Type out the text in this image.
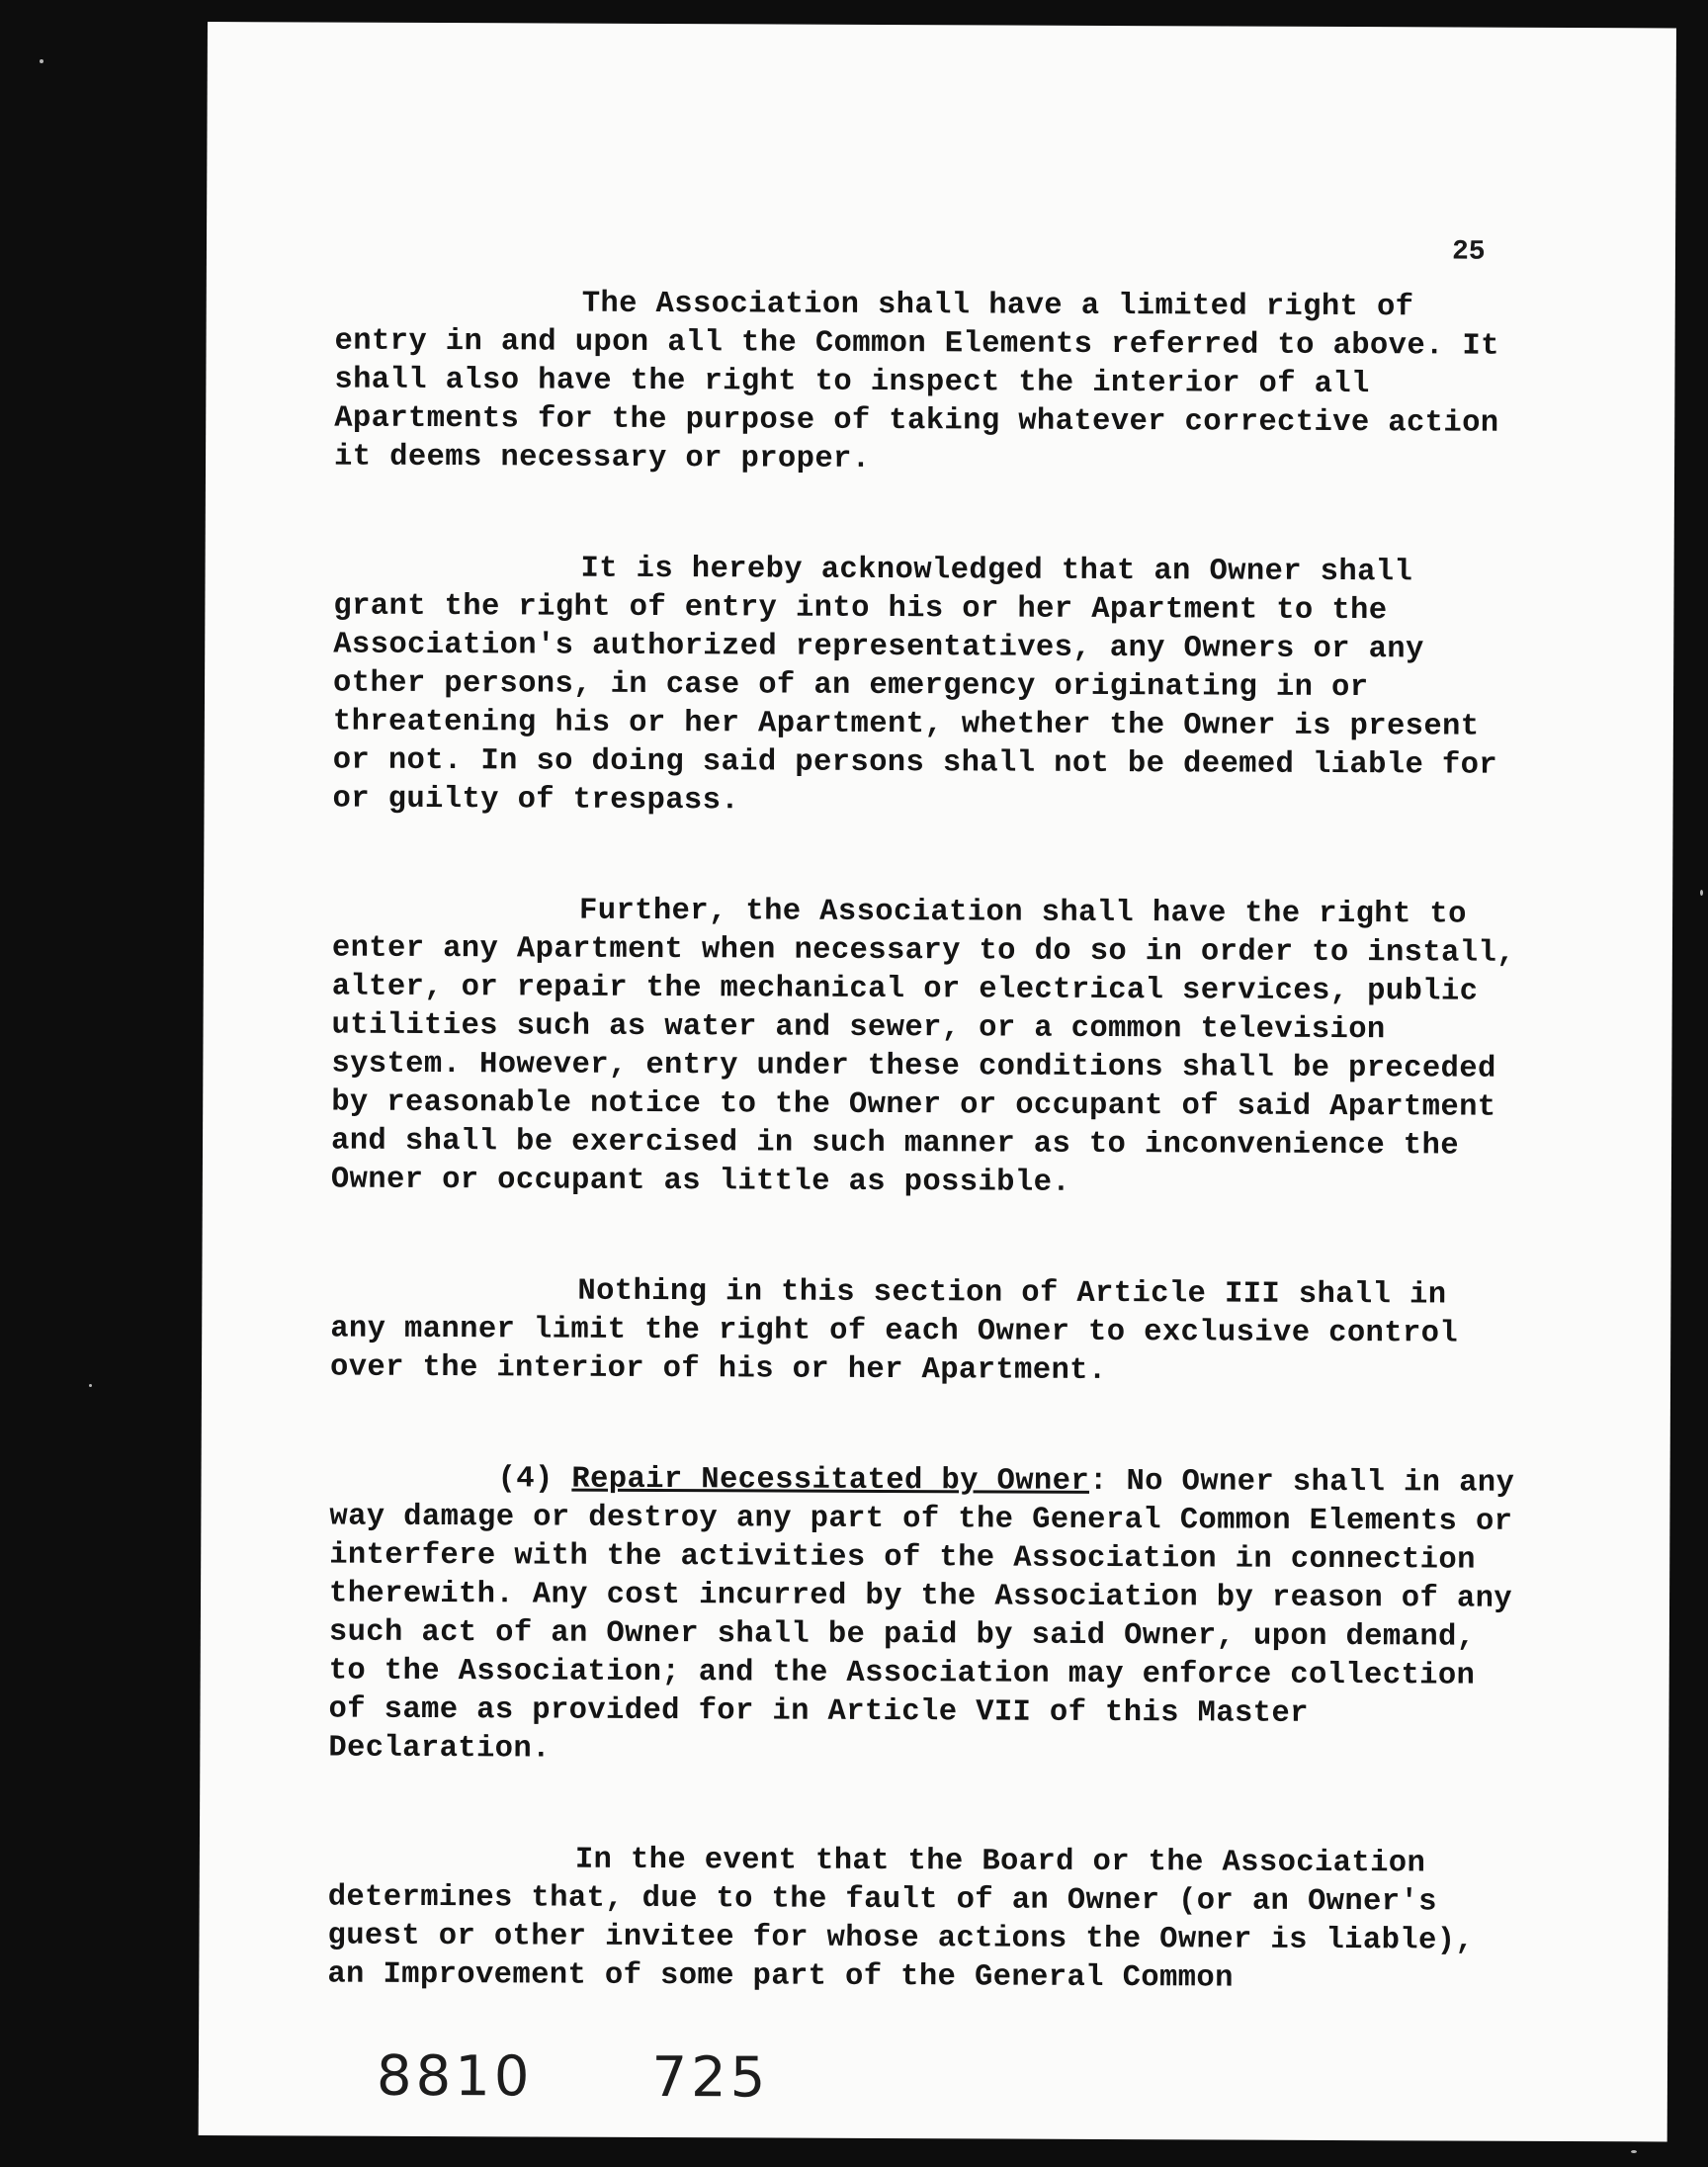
25

The Association shall have a limited right of entry in and upon all the Common Elements referred to above. It shall also have the right to inspect the interior of all Apartments for the purpose of taking whatever corrective action it deems necessary or proper.

It is hereby acknowledged that an Owner shall grant the right of entry into his or her Apartment to the Association's authorized representatives, any Owners or any other persons, in case of an emergency originating in or threatening his or her Apartment, whether the Owner is present or not. In so doing said persons shall not be deemed liable for or guilty of trespass.

Further, the Association shall have the right to enter any Apartment when necessary to do so in order to install, alter, or repair the mechanical or electrical services, public utilities such as water and sewer, or a common television system. However, entry under these conditions shall be preceded by reasonable notice to the Owner or occupant of said Apartment and shall be exercised in such manner as to inconvenience the Owner or occupant as little as possible.

Nothing in this section of Article III shall in any manner limit the right of each Owner to exclusive control over the interior of his or her Apartment.

(4) Repair Necessitated by Owner: No Owner shall in any way damage or destroy any part of the General Common Elements or interfere with the activities of the Association in connection therewith. Any cost incurred by the Association by reason of any such act of an Owner shall be paid by said Owner, upon demand, to the Association; and the Association may enforce collection of same as provided for in Article VII of this Master Declaration.

In the event that the Board or the Association determines that, due to the fault of an Owner (or an Owner's guest or other invitee for whose actions the Owner is liable), an Improvement of some part of the General Common

8810 725
